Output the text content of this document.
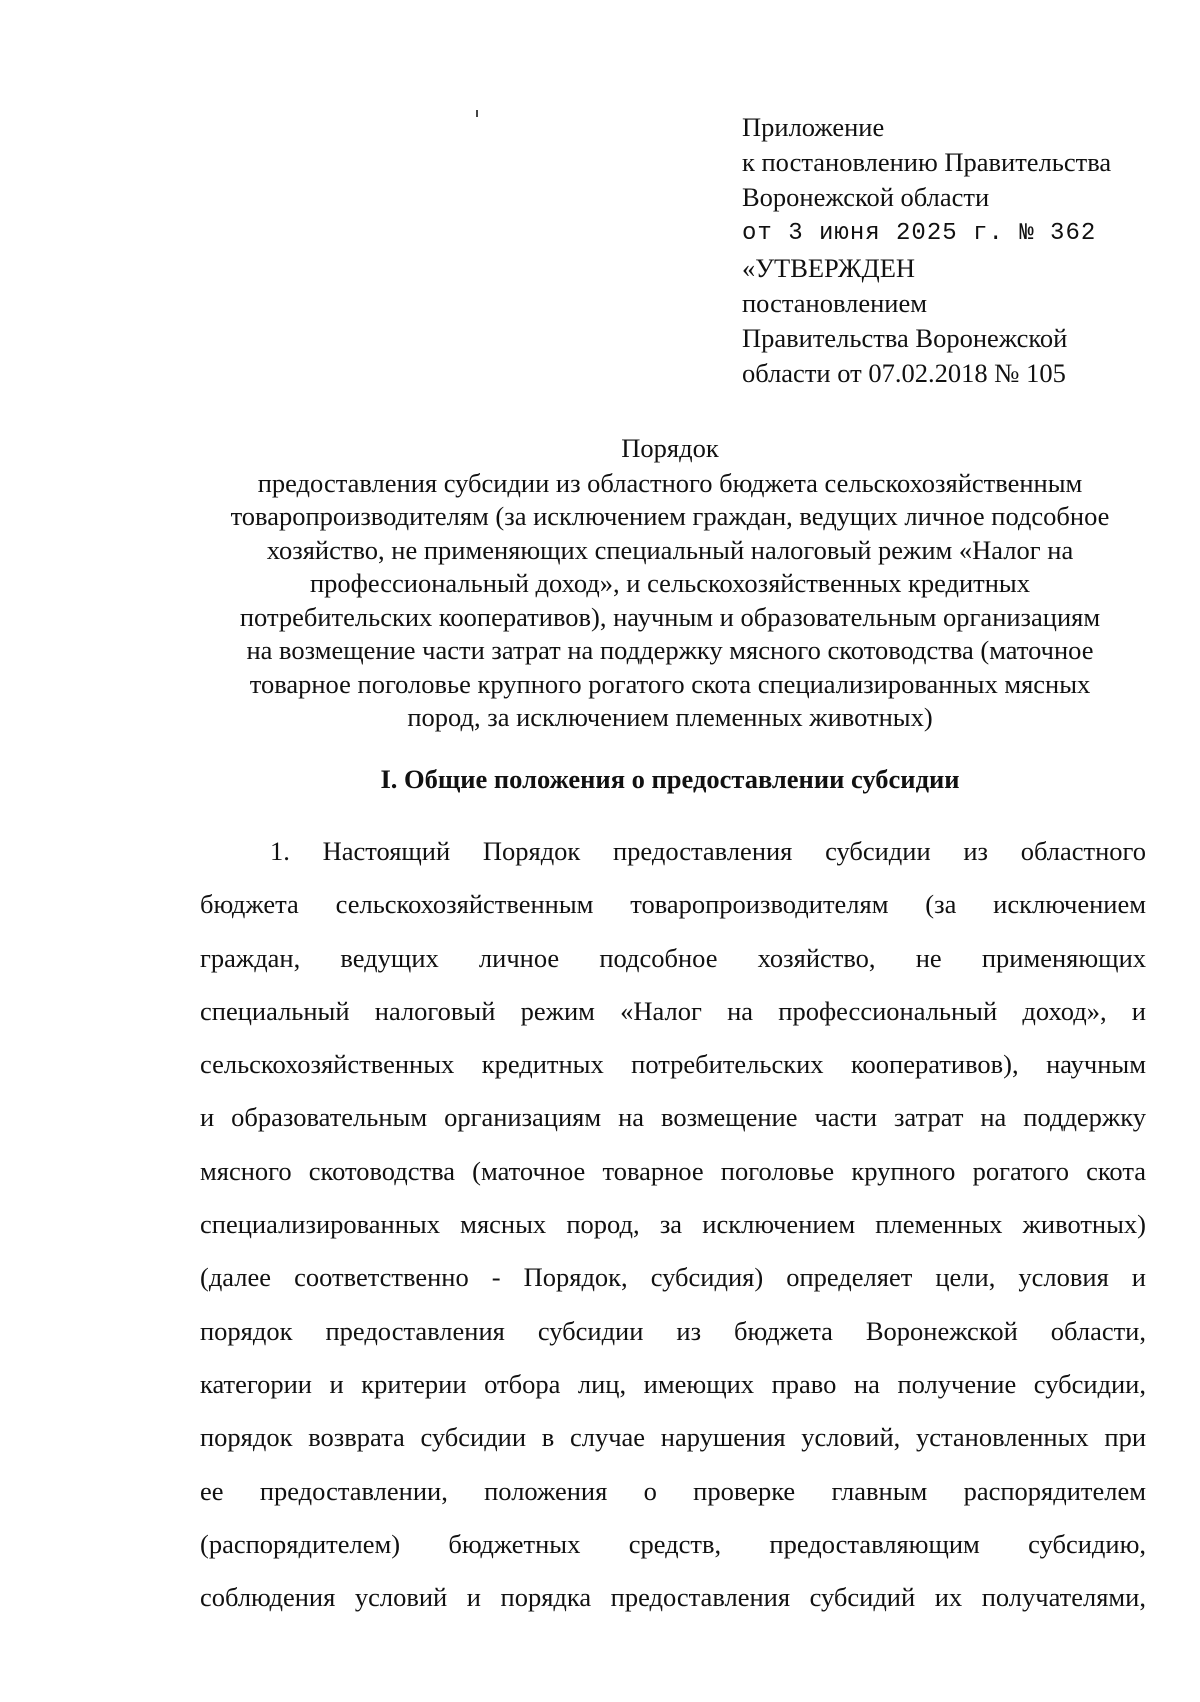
Приложение
к постановлению Правительства
Воронежской области
от 3 июня 2025 г. № 362
«УТВЕРЖДЕН
постановлением
Правительства Воронежской
области от 07.02.2018 № 105
Порядок
предоставления субсидии из областного бюджета сельскохозяйственным
товаропроизводителям (за исключением граждан, ведущих личное подсобное
хозяйство, не применяющих специальный налоговый режим «Налог на
профессиональный доход», и сельскохозяйственных кредитных
потребительских кооперативов), научным и образовательным организациям
на возмещение части затрат на поддержку мясного скотоводства (маточное
товарное поголовье крупного рогатого скота специализированных мясных
пород, за исключением племенных животных)
I. Общие положения о предоставлении субсидии
1. Настоящий Порядок предоставления субсидии из областного
бюджета сельскохозяйственным товаропроизводителям (за исключением
граждан, ведущих личное подсобное хозяйство, не применяющих
специальный налоговый режим «Налог на профессиональный доход», и
сельскохозяйственных кредитных потребительских кооперативов), научным
и образовательным организациям на возмещение части затрат на поддержку
мясного скотоводства (маточное товарное поголовье крупного рогатого скота
специализированных мясных пород, за исключением племенных животных)
(далее соответственно - Порядок, субсидия) определяет цели, условия и
порядок предоставления субсидии из бюджета Воронежской области,
категории и критерии отбора лиц, имеющих право на получение субсидии,
порядок возврата субсидии в случае нарушения условий, установленных при
ее предоставлении, положения о проверке главным распорядителем
(распорядителем) бюджетных средств, предоставляющим субсидию,
соблюдения условий и порядка предоставления субсидий их получателями,
